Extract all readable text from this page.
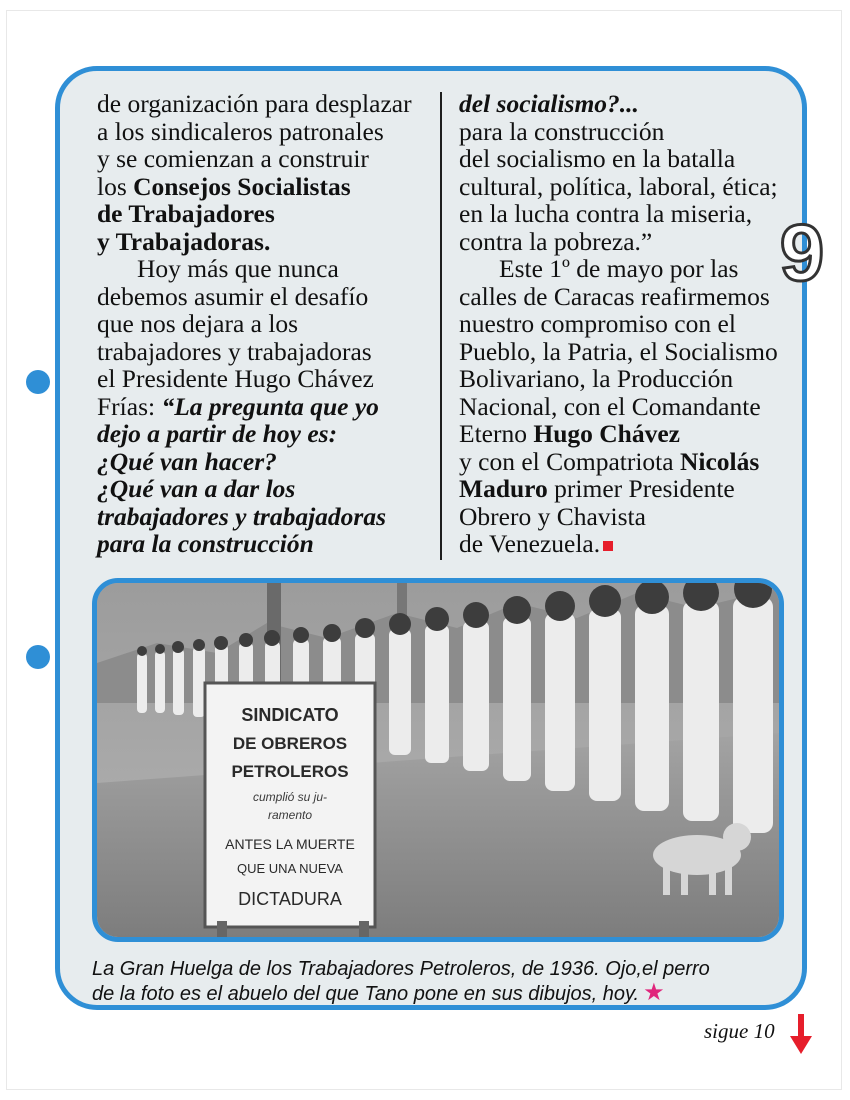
9

de organización para desplazar

a los sindicaleros patronales

y se comienzan a construir

los Consejos Socialistas

de Trabajadores

y Trabajadoras.

Hoy más que nunca

debemos asumir el desafío

que nos dejara a los

trabajadores y trabajadoras

el Presidente Hugo Chávez

Frías: “La pregunta que yo

dejo a partir de hoy es:

¿Qué van hacer?

¿Qué van a dar los

trabajadores y trabajadoras

para la construcción

del socialismo?...

para la construcción

del socialismo en la batalla

cultural, política, laboral, ética;

en la lucha contra la miseria,

contra la pobreza.”

Este 1º de mayo por las

calles de Caracas reafirmemos

nuestro compromiso con el

Pueblo, la Patria, el Socialismo

Bolivariano, la Producción

Nacional, con el Comandante

Eterno Hugo Chávez

y con el Compatriota Nicolás

Maduro primer Presidente

Obrero y Chavista

de Venezuela.

SINDICATO
DE OBREROS
PETROLEROS
cumplió su ju-
ramento
ANTES LA MUERTE
QUE UNA NUEVA
DICTADURA
La Gran Huelga de los Trabajadores Petroleros, de 1936. Ojo,el perro
de la foto es el abuelo del que Tano pone en sus dibujos, hoy. ★
sigue 10
